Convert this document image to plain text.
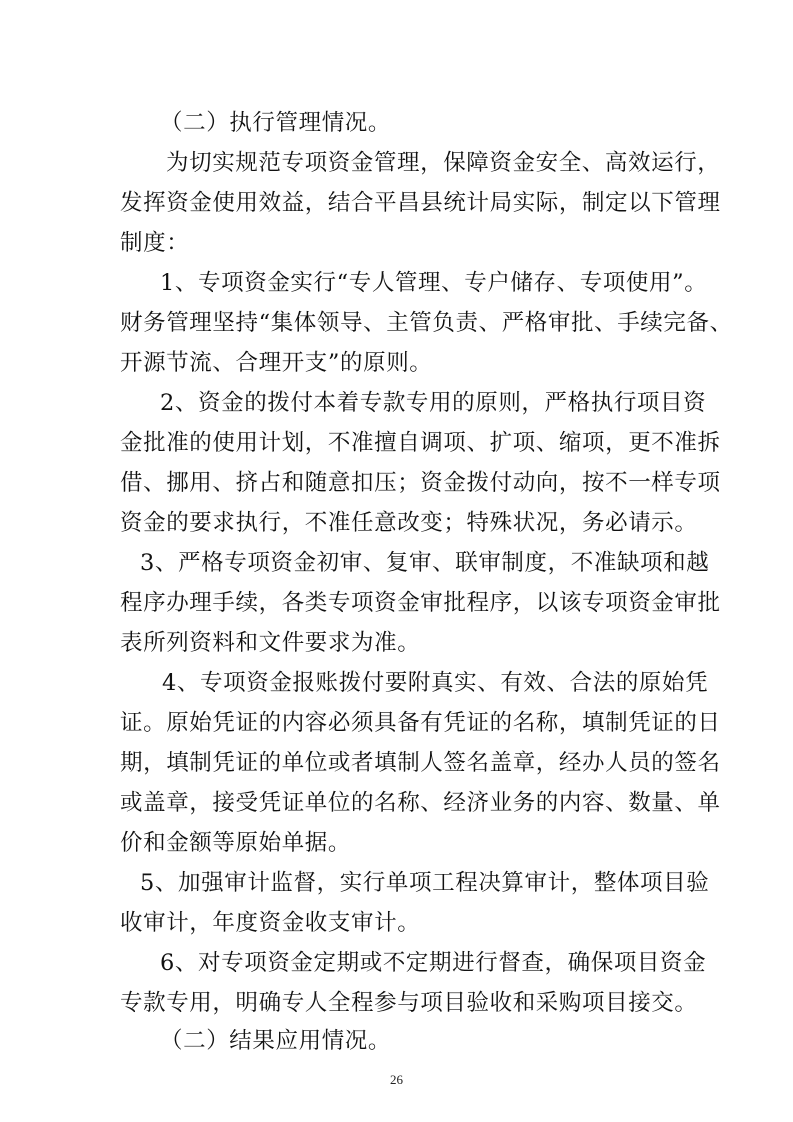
（二）执行管理情况。
为切实规范专项资金管理，保障资金安全、高效运行，
发挥资金使用效益，结合平昌县统计局实际，制定以下管理
制度：
1、专项资金实行“专人管理、专户储存、专项使用”。
财务管理坚持“集体领导、主管负责、严格审批、手续完备、
开源节流、合理开支”的原则。
2、资金的拨付本着专款专用的原则，严格执行项目资
金批准的使用计划，不准擅自调项、扩项、缩项，更不准拆
借、挪用、挤占和随意扣压；资金拨付动向，按不一样专项
资金的要求执行，不准任意改变；特殊状况，务必请示。
3、严格专项资金初审、复审、联审制度，不准缺项和越
程序办理手续，各类专项资金审批程序，以该专项资金审批
表所列资料和文件要求为准。
4、专项资金报账拨付要附真实、有效、合法的原始凭
证。原始凭证的内容必须具备有凭证的名称，填制凭证的日
期，填制凭证的单位或者填制人签名盖章，经办人员的签名
或盖章，接受凭证单位的名称、经济业务的内容、数量、单
价和金额等原始单据。
5、加强审计监督，实行单项工程决算审计，整体项目验
收审计，年度资金收支审计。
6、对专项资金定期或不定期进行督查，确保项目资金
专款专用，明确专人全程参与项目验收和采购项目接交。
（二）结果应用情况。
26
